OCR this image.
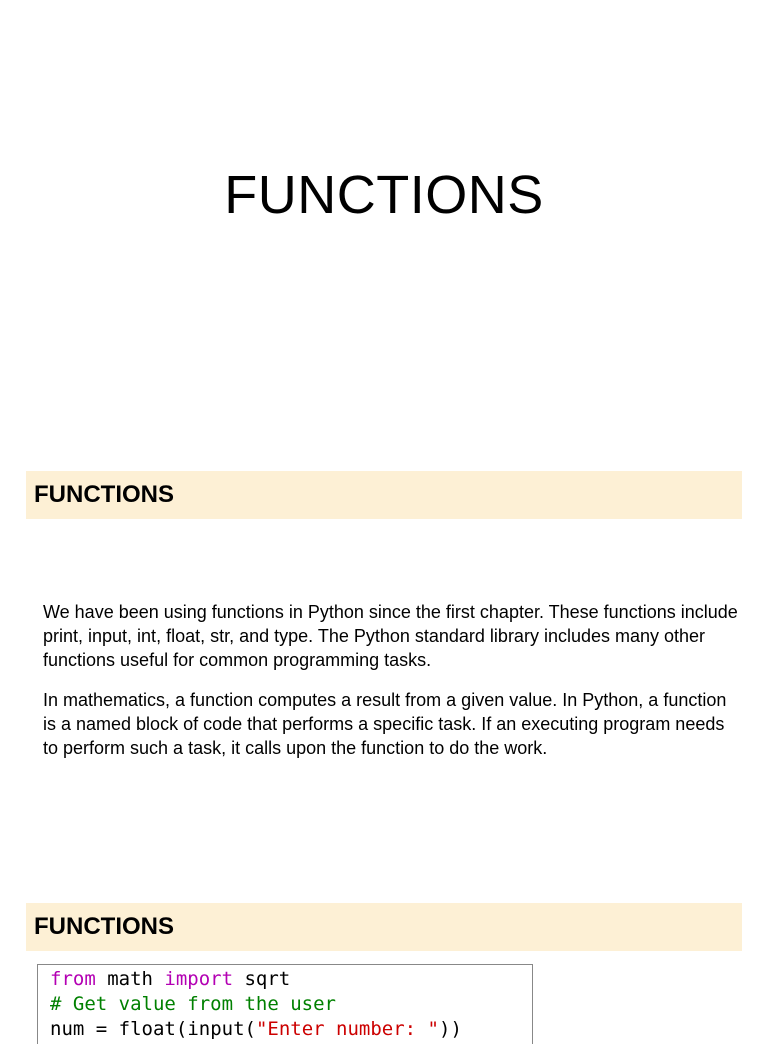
FUNCTIONS
FUNCTIONS

We have been using functions in Python since the first chapter. These functions include print, input, int, float, str, and type. The Python standard library includes many other functions useful for common programming tasks.

In mathematics, a function computes a result from a given value. In Python, a function is a named block of code that performs a specific task. If an executing program needs to perform such a task, it calls upon the function to do the work.

FUNCTIONS
from math import sqrt
# Get value from the user
num = float(input("Enter number: "))
